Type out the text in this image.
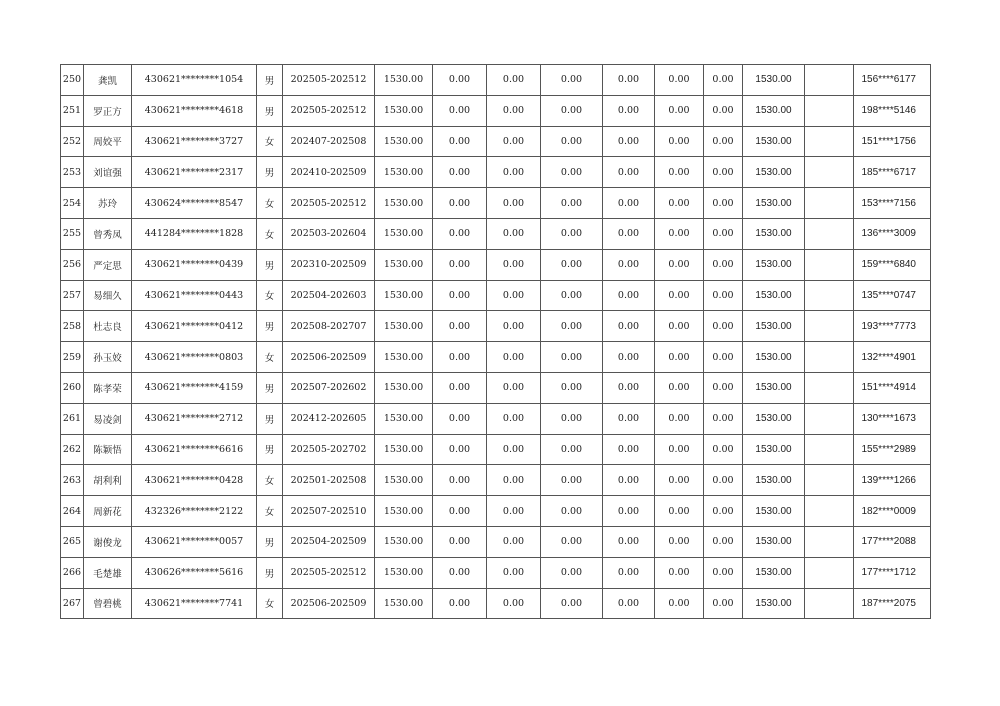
250	龚凯	430621********1054	男	202505-202512	1530.00	0.00	0.00	0.00	0.00	0.00	0.00	1530.00		156****6177
251	罗正方	430621********4618	男	202505-202512	1530.00	0.00	0.00	0.00	0.00	0.00	0.00	1530.00		198****5146
252	周姣平	430621********3727	女	202407-202508	1530.00	0.00	0.00	0.00	0.00	0.00	0.00	1530.00		151****1756
253	刘谊强	430621********2317	男	202410-202509	1530.00	0.00	0.00	0.00	0.00	0.00	0.00	1530.00		185****6717
254	苏玲	430624********8547	女	202505-202512	1530.00	0.00	0.00	0.00	0.00	0.00	0.00	1530.00		153****7156
255	曾秀凤	441284********1828	女	202503-202604	1530.00	0.00	0.00	0.00	0.00	0.00	0.00	1530.00		136****3009
256	严定思	430621********0439	男	202310-202509	1530.00	0.00	0.00	0.00	0.00	0.00	0.00	1530.00		159****6840
257	易细久	430621********0443	女	202504-202603	1530.00	0.00	0.00	0.00	0.00	0.00	0.00	1530.00		135****0747
258	杜志良	430621********0412	男	202508-202707	1530.00	0.00	0.00	0.00	0.00	0.00	0.00	1530.00		193****7773
259	孙玉姣	430621********0803	女	202506-202509	1530.00	0.00	0.00	0.00	0.00	0.00	0.00	1530.00		132****4901
260	陈孝荣	430621********4159	男	202507-202602	1530.00	0.00	0.00	0.00	0.00	0.00	0.00	1530.00		151****4914
261	易凌剑	430621********2712	男	202412-202605	1530.00	0.00	0.00	0.00	0.00	0.00	0.00	1530.00		130****1673
262	陈颖悟	430621********6616	男	202505-202702	1530.00	0.00	0.00	0.00	0.00	0.00	0.00	1530.00		155****2989
263	胡利利	430621********0428	女	202501-202508	1530.00	0.00	0.00	0.00	0.00	0.00	0.00	1530.00		139****1266
264	周新花	432326********2122	女	202507-202510	1530.00	0.00	0.00	0.00	0.00	0.00	0.00	1530.00		182****0009
265	谢俊龙	430621********0057	男	202504-202509	1530.00	0.00	0.00	0.00	0.00	0.00	0.00	1530.00		177****2088
266	毛楚雄	430626********5616	男	202505-202512	1530.00	0.00	0.00	0.00	0.00	0.00	0.00	1530.00		177****1712
267	曾碧桃	430621********7741	女	202506-202509	1530.00	0.00	0.00	0.00	0.00	0.00	0.00	1530.00		187****2075
